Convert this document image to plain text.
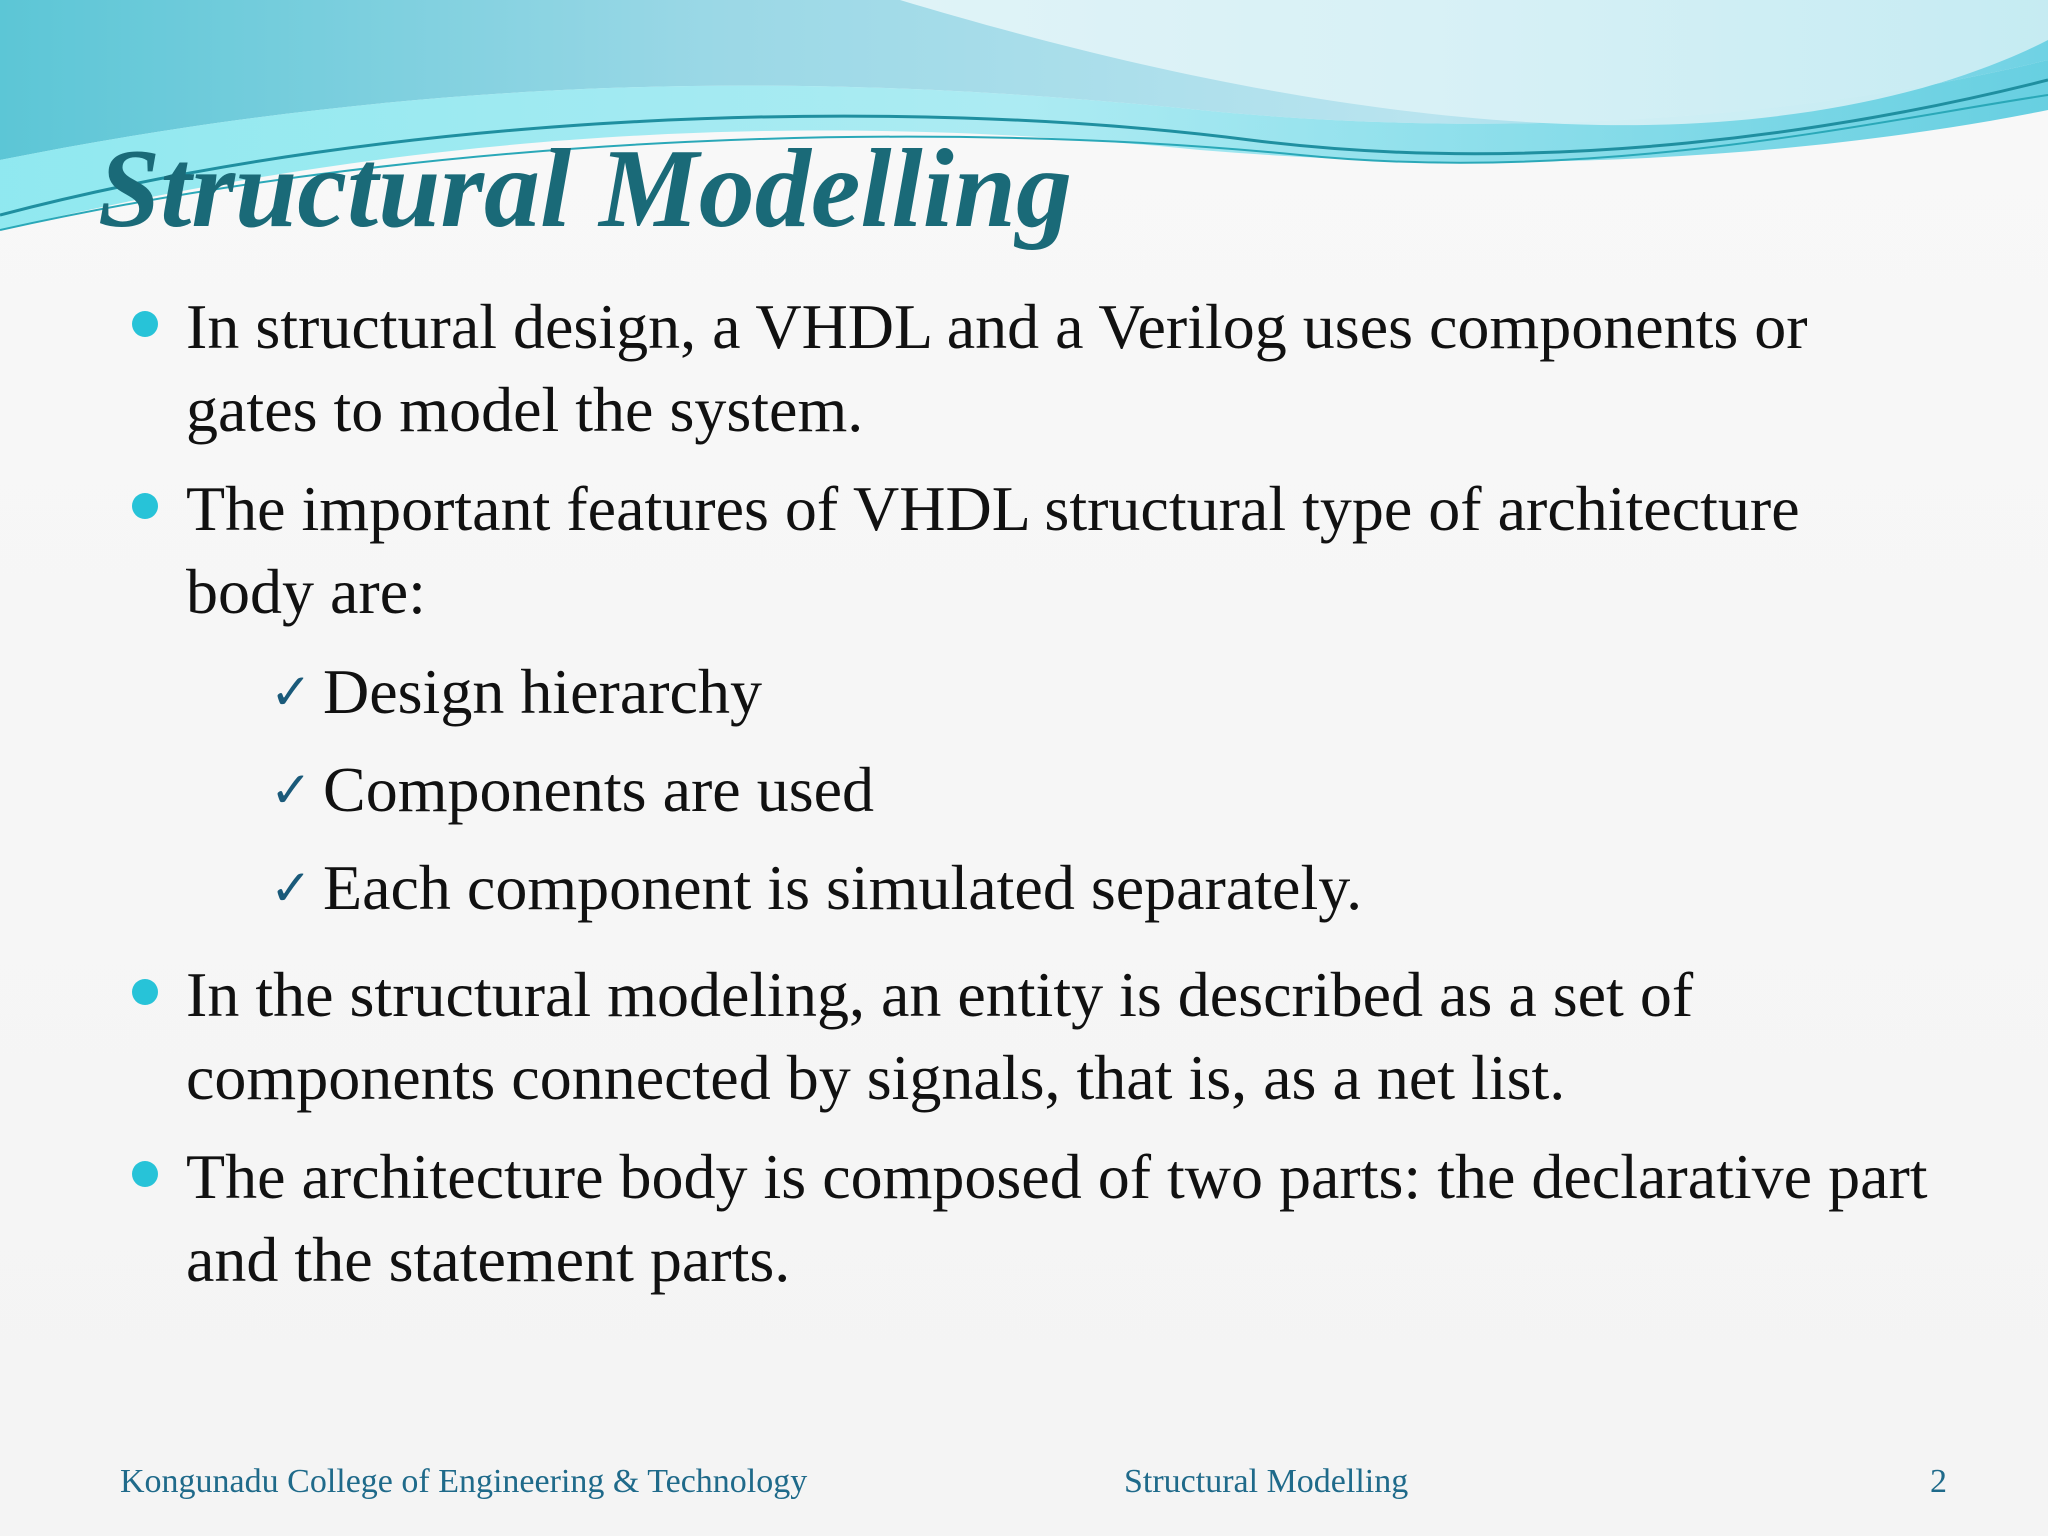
Structural Modelling
In structural design, a VHDL and a Verilog uses components or gates to model the system.
The important features of VHDL structural type of architecture body are:
✓ Design hierarchy
✓ Components are used
✓ Each component is simulated separately.
In the structural modeling, an entity is described as a set of components connected by signals, that is, as a net list.
The architecture body is composed of two parts: the declarative part and the statement parts.
Kongunadu College of Engineering & Technology	Structural Modelling	2
